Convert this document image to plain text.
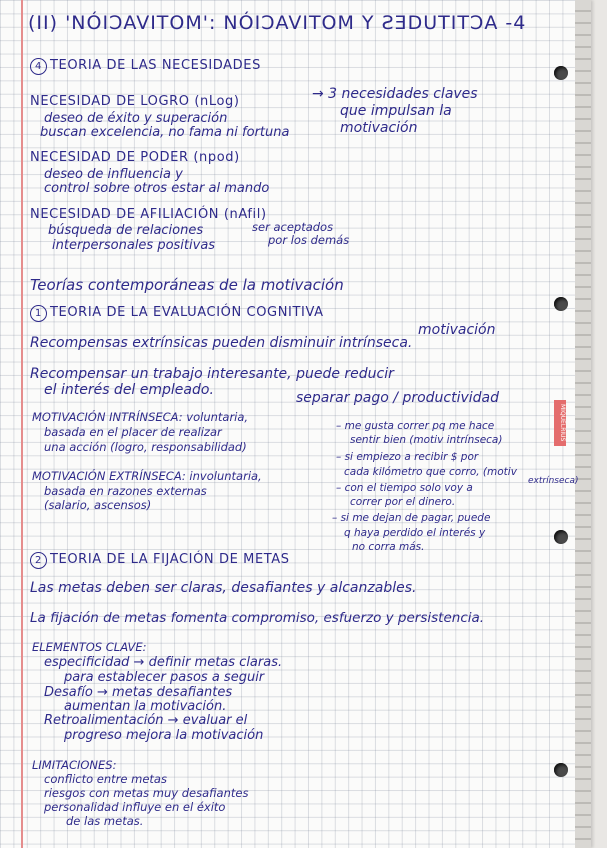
MIQUELRIUS
(II) 'NÓIƆAVITOM': NÓIƆAVITOM Y ƧƎDUTITƆA -4
4 TEORIA DE LAS NECESIDADES
NECESIDAD DE LOGRO (nLog)
deseo de éxito y superación
buscan excelencia, no fama ni fortuna
→ 3 necesidades claves
que impulsan la
motivación
NECESIDAD DE PODER (npod)
deseo de influencia y
control sobre otros estar al mando
NECESIDAD DE AFILIACIÓN (nAfil)
búsqueda de relaciones	ser aceptados
por los demás
interpersonales positivas
Teorías contemporáneas de la motivación
1 TEORIA DE LA EVALUACIÓN COGNITIVA
motivación
Recompensas extrínsicas pueden disminuir intrínseca.
Recompensar un trabajo interesante, puede reducir
el interés del empleado.	separar pago / productividad
MOTIVACIÓN INTRÍNSECA: voluntaria,
basada en el placer de realizar
una acción (logro, responsabilidad)
MOTIVACIÓN EXTRÍNSECA: involuntaria,
basada en razones externas
(salario, ascensos)
– me gusta correr pq me hace
sentir bien (motiv intrínseca)
– si empiezo a recibir $ por
cada kilómetro que corro, (motiv
extrínseca)
– con el tiempo solo voy a
correr por el dinero.
– si me dejan de pagar, puede
q haya perdido el interés y
no corra más.
2 TEORIA DE LA FIJACIÓN DE METAS
Las metas deben ser claras, desafiantes y alcanzables.
La fijación de metas fomenta compromiso, esfuerzo y persistencia.
ELEMENTOS CLAVE:
especificidad → definir metas claras.
para establecer pasos a seguir
Desafío → metas desafiantes
aumentan la motivación.
Retroalimentación → evaluar el
progreso mejora la motivación
LIMITACIONES:
conflicto entre metas
riesgos con metas muy desafiantes
personalidad influye en el éxito
de las metas.
